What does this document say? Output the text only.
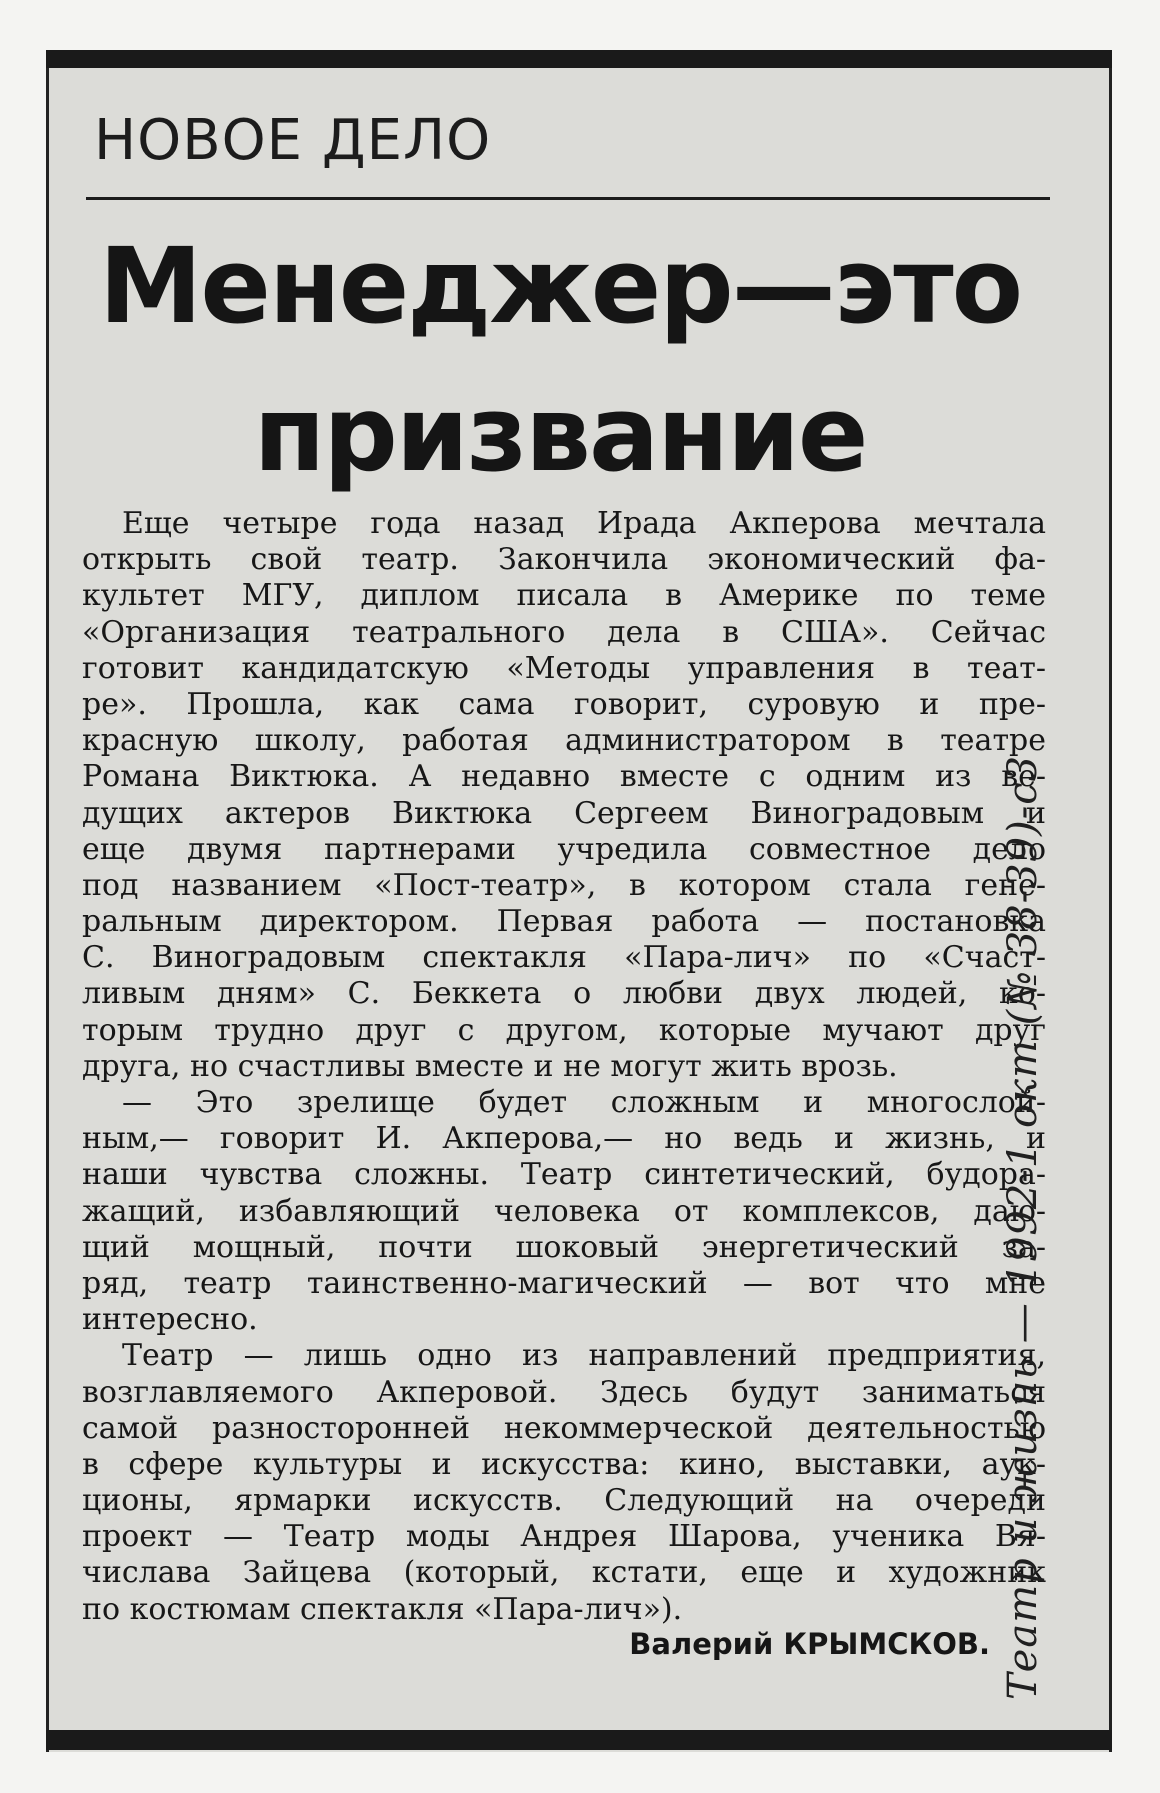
НОВОЕ ДЕЛО
Менеджер—это призвание
Еще четыре года назад Ирада Акперова мечтала
открыть свой театр. Закончила экономический фа-
культет МГУ, диплом писала в Америке по теме
«Организация театрального дела в США». Сейчас
готовит кандидатскую «Методы управления в теат-
ре». Прошла, как сама говорит, суровую и пре-
красную школу, работая администратором в театре
Романа Виктюка. А недавно вместе с одним из ве-
дущих актеров Виктюка Сергеем Виноградовым и
еще двумя партнерами учредила совместное дело
под названием «Пост-театр», в котором стала гене-
ральным директором. Первая работа — постановка
С. Виноградовым спектакля «Пара-лич» по «Счаст-
ливым дням» С. Беккета о любви двух людей, ко-
торым трудно друг с другом, которые мучают друг
друга, но счастливы вместе и не могут жить врозь.
— Это зрелище будет сложным и многослой-
ным,— говорит И. Акперова,— но ведь и жизнь, и
наши чувства сложны. Театр синтетический, будора-
жащий, избавляющий человека от комплексов, даю-
щий мощный, почти шоковый энергетический за-
ряд, театр таинственно-магический — вот что мне
интересно.
Театр — лишь одно из направлений предприятия,
возглавляемого Акперовой. Здесь будут заниматься
самой разносторонней некоммерческой деятельностью
в сфере культуры и искусства: кино, выставки, аук-
ционы, ярмарки искусств. Следующий на очереди
проект — Театр моды Андрея Шарова, ученика Вя-
числава Зайцева (который, кстати, еще и художник
по костюмам спектакля «Пара-лич»).
Валерий КРЫМСКОВ. Театр и жизнь — 1992-1 окт (№ 38-39)-с3
